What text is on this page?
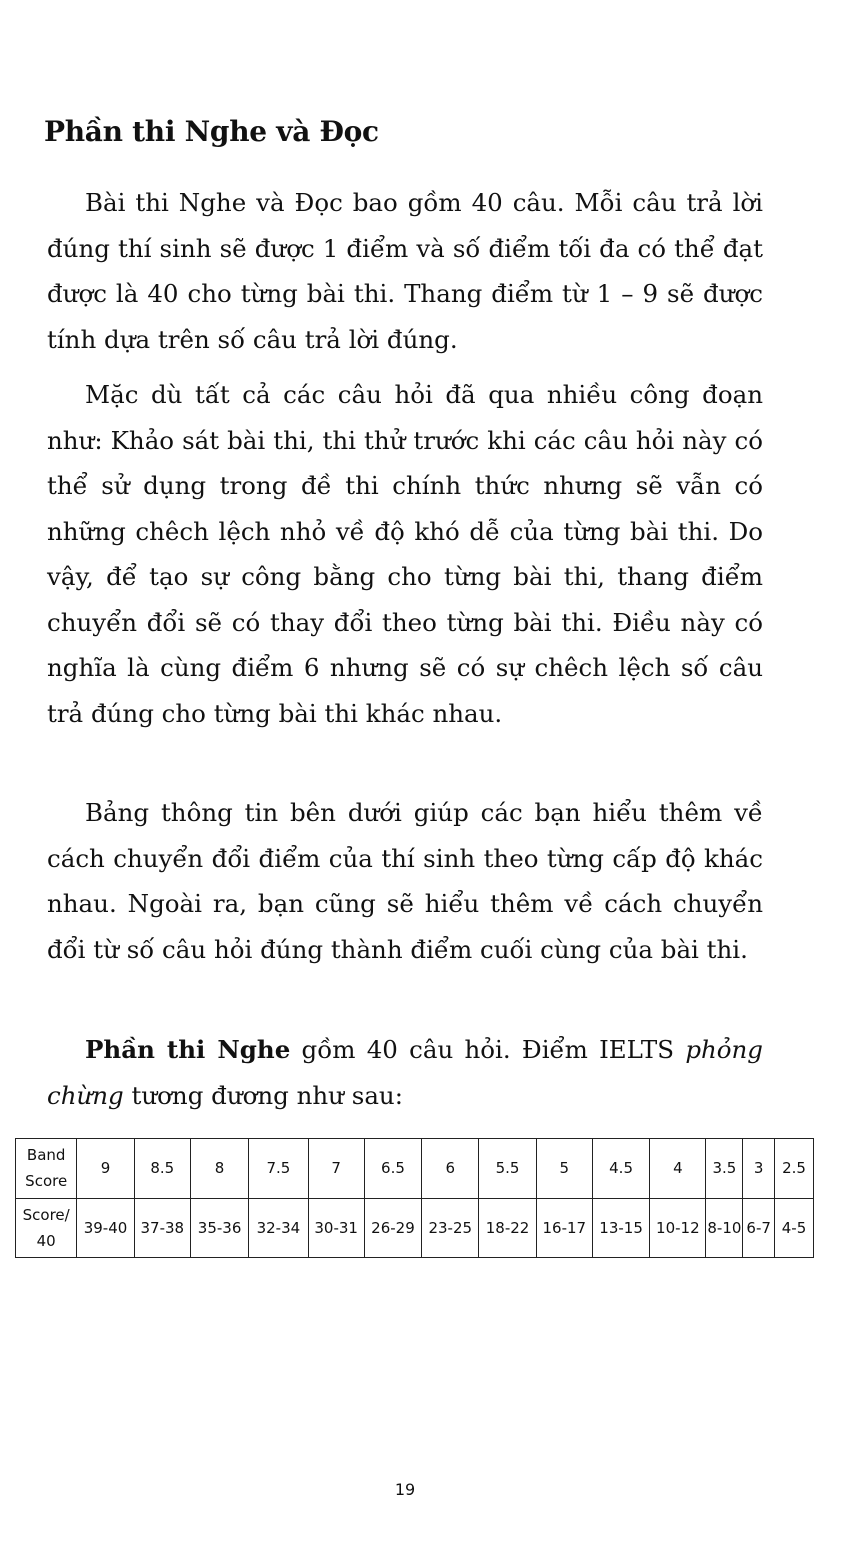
Phần thi Nghe và Đọc

Bài thi Nghe và Đọc bao gồm 40 câu. Mỗi câu trả lời đúng thí sinh sẽ được 1 điểm và số điểm tối đa có thể đạt được là 40 cho từng bài thi. Thang điểm từ 1 – 9 sẽ được tính dựa trên số câu trả lời đúng.

Mặc dù tất cả các câu hỏi đã qua nhiều công đoạn như: Khảo sát bài thi, thi thử trước khi các câu hỏi này có thể sử dụng trong đề thi chính thức nhưng sẽ vẫn có những chêch lệch nhỏ về độ khó dễ của từng bài thi. Do vậy, để tạo sự công bằng cho từng bài thi, thang điểm chuyển đổi sẽ có thay đổi theo từng bài thi. Điều này có nghĩa là cùng điểm 6 nhưng sẽ có sự chêch lệch số câu trả đúng cho từng bài thi khác nhau.

Bảng thông tin bên dưới giúp các bạn hiểu thêm về cách chuyển đổi điểm của thí sinh theo từng cấp độ khác nhau. Ngoài ra, bạn cũng sẽ hiểu thêm về cách chuyển đổi từ số câu hỏi đúng thành điểm cuối cùng của bài thi.

Phần thi Nghe gồm 40 câu hỏi. Điểm IELTS phỏng chừng tương đương như sau:

Band Score	9	8.5	8	7.5	7	6.5	6	5.5	5	4.5	4	3.5	3	2.5
Score/ 40	39-40	37-38	35-36	32-34	30-31	26-29	23-25	18-22	16-17	13-15	10-12	8-10	6-7	4-5
19
